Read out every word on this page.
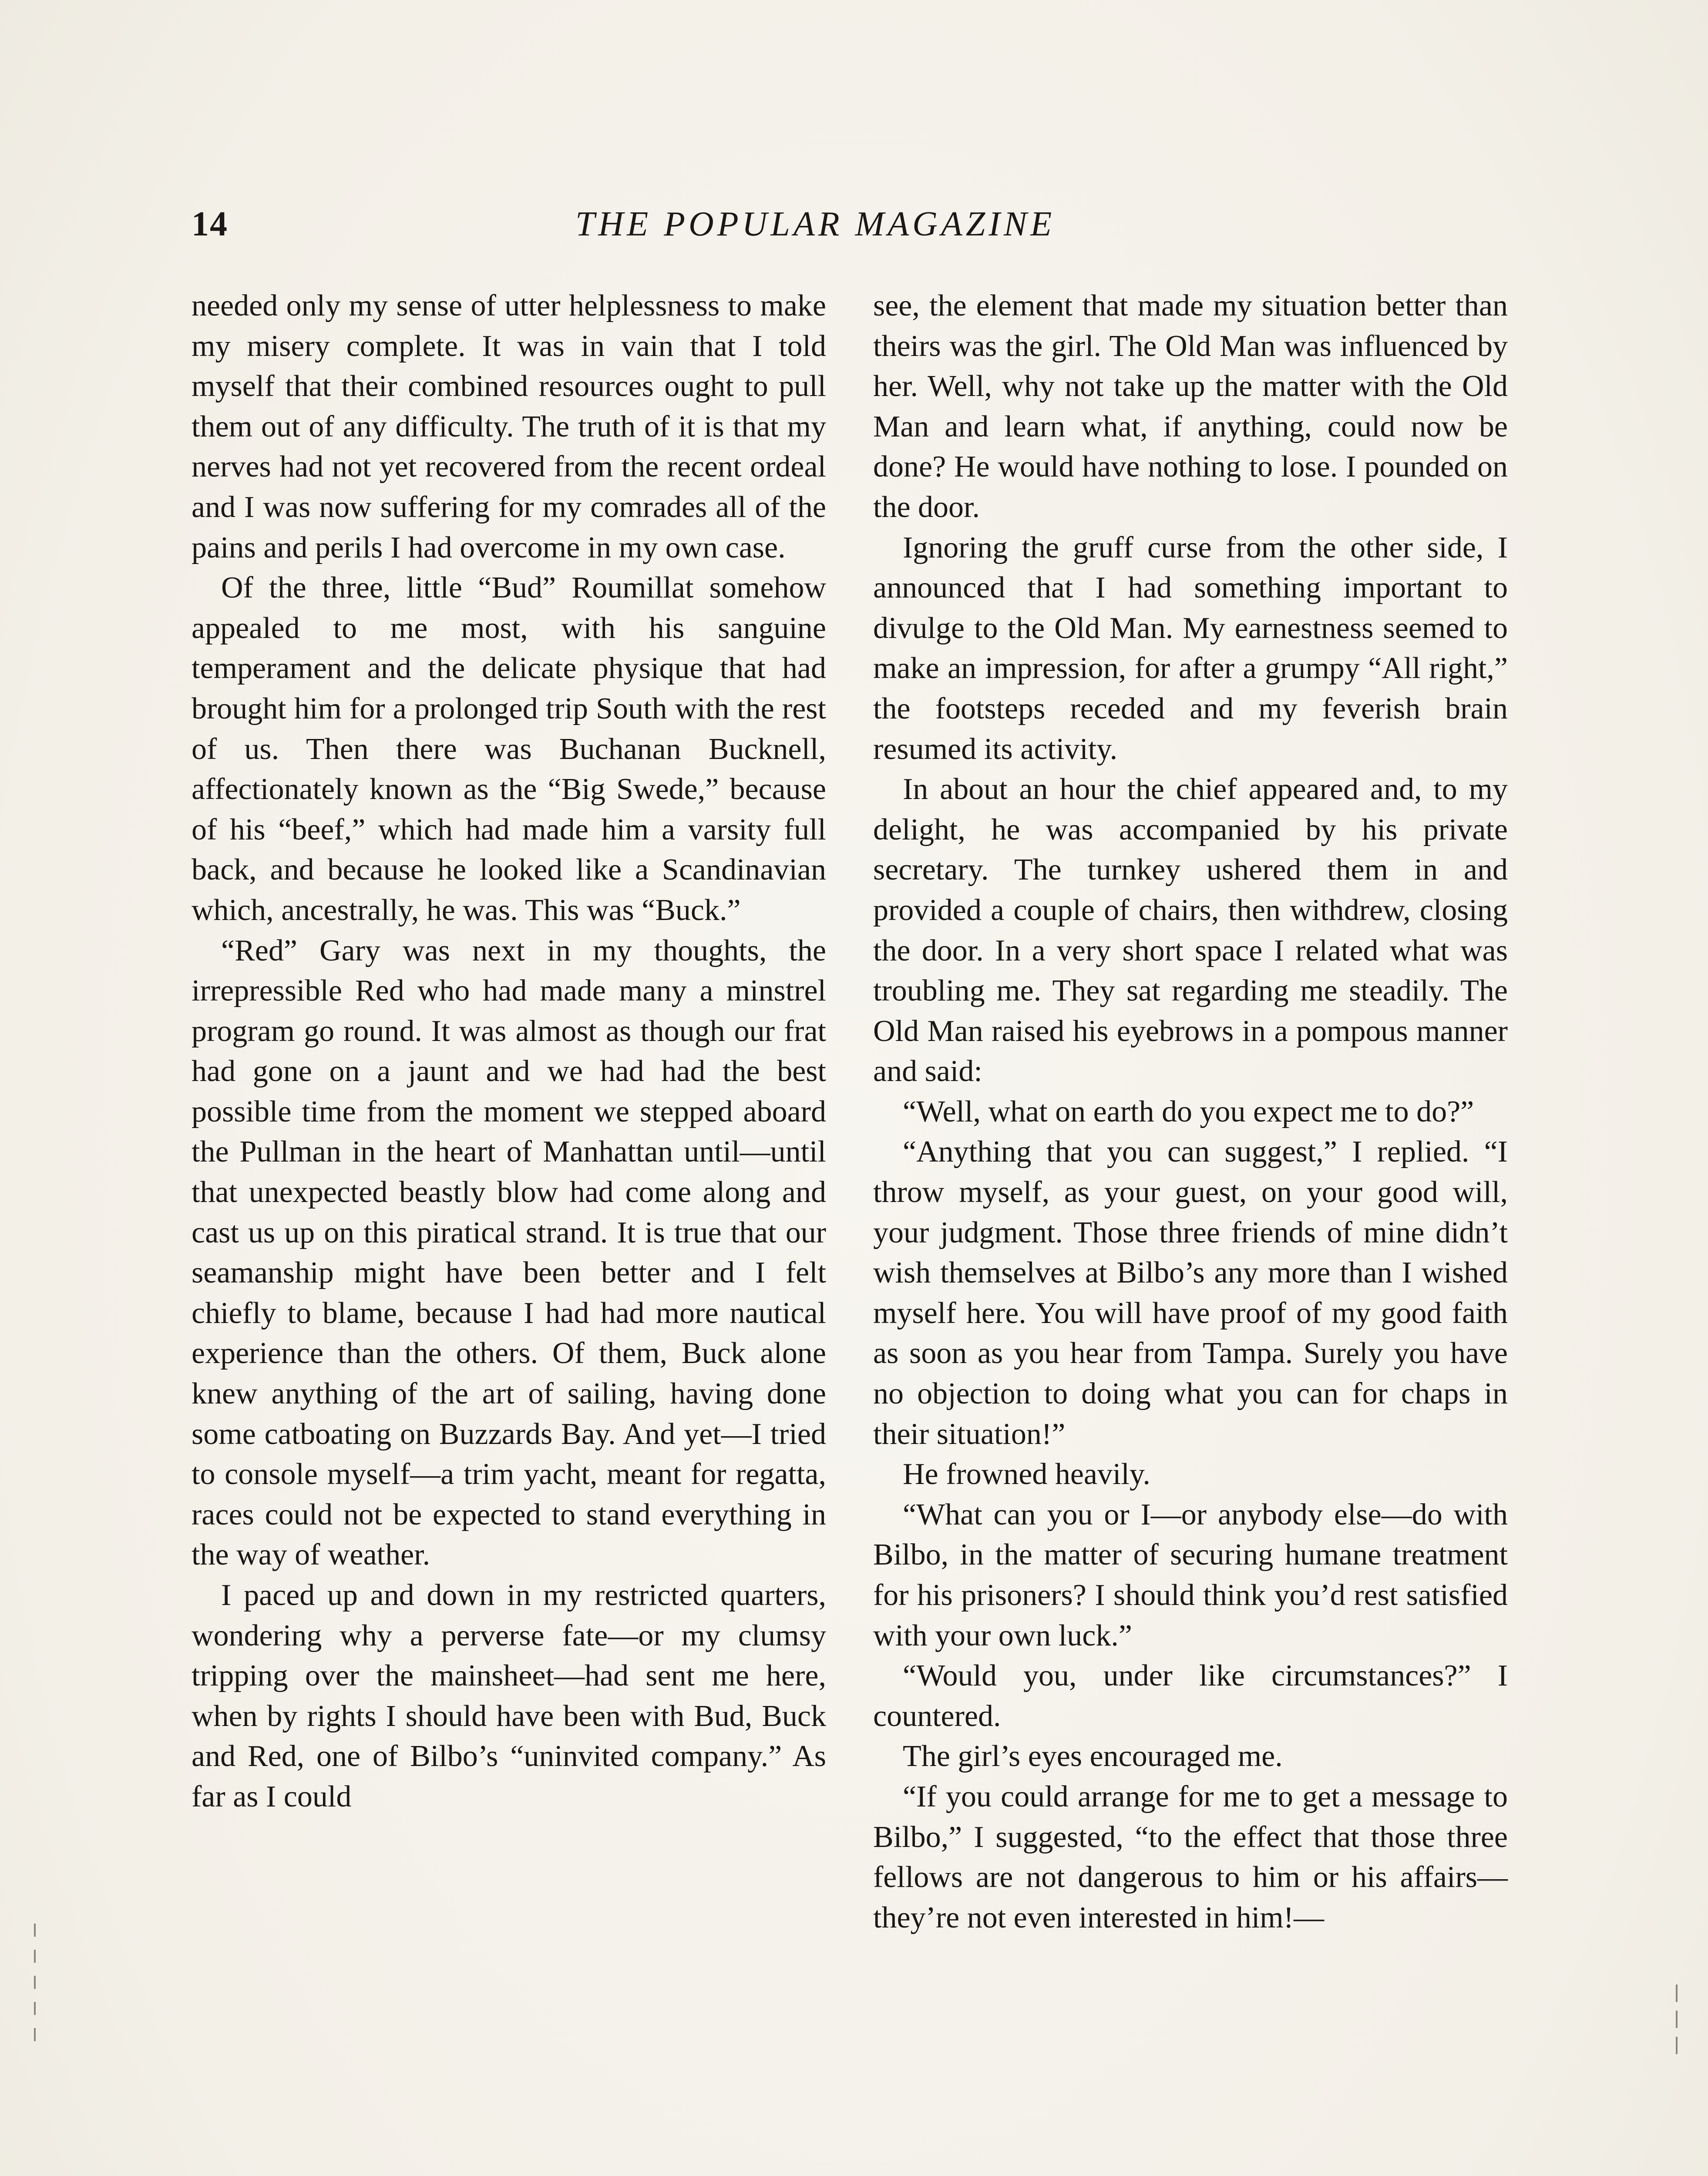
14	THE POPULAR MAGAZINE

needed only my sense of utter helplessness to make my misery complete. It was in vain that I told myself that their combined resources ought to pull them out of any difficulty. The truth of it is that my nerves had not yet recovered from the recent ordeal and I was now suffering for my comrades all of the pains and perils I had overcome in my own case.

Of the three, little “Bud” Roumillat somehow appealed to me most, with his sanguine temperament and the delicate physique that had brought him for a prolonged trip South with the rest of us. Then there was Buchanan Bucknell, affectionately known as the “Big Swede,” because of his “beef,” which had made him a varsity full back, and because he looked like a Scandinavian which, ancestrally, he was. This was “Buck.”

“Red” Gary was next in my thoughts, the irrepressible Red who had made many a minstrel program go round. It was almost as though our frat had gone on a jaunt and we had had the best possible time from the moment we stepped aboard the Pullman in the heart of Manhattan until—until that unexpected beastly blow had come along and cast us up on this piratical strand. It is true that our seamanship might have been better and I felt chiefly to blame, because I had had more nautical experience than the others. Of them, Buck alone knew anything of the art of sailing, having done some catboating on Buzzards Bay. And yet—I tried to console myself—a trim yacht, meant for regatta, races could not be expected to stand everything in the way of weather.

I paced up and down in my restricted quarters, wondering why a perverse fate—or my clumsy tripping over the mainsheet—had sent me here, when by rights I should have been with Bud, Buck and Red, one of Bilbo’s “uninvited company.” As far as I could

see, the element that made my situation better than theirs was the girl. The Old Man was influenced by her. Well, why not take up the matter with the Old Man and learn what, if anything, could now be done? He would have nothing to lose. I pounded on the door.

Ignoring the gruff curse from the other side, I announced that I had something important to divulge to the Old Man. My earnestness seemed to make an impression, for after a grumpy “All right,” the footsteps receded and my feverish brain resumed its activity.

In about an hour the chief appeared and, to my delight, he was accompanied by his private secretary. The turnkey ushered them in and provided a couple of chairs, then withdrew, closing the door. In a very short space I related what was troubling me. They sat regarding me steadily. The Old Man raised his eyebrows in a pompous manner and said:

“Well, what on earth do you expect me to do?”

“Anything that you can suggest,” I replied. “I throw myself, as your guest, on your good will, your judgment. Those three friends of mine didn’t wish themselves at Bilbo’s any more than I wished myself here. You will have proof of my good faith as soon as you hear from Tampa. Surely you have no objection to doing what you can for chaps in their situation!”

He frowned heavily.

“What can you or I—or anybody else—do with Bilbo, in the matter of securing humane treatment for his prisoners? I should think you’d rest satisfied with your own luck.”

“Would you, under like circumstances?” I countered.

The girl’s eyes encouraged me.

“If you could arrange for me to get a message to Bilbo,” I suggested, “to the effect that those three fellows are not dangerous to him or his affairs—they’re not even interested in him!—
